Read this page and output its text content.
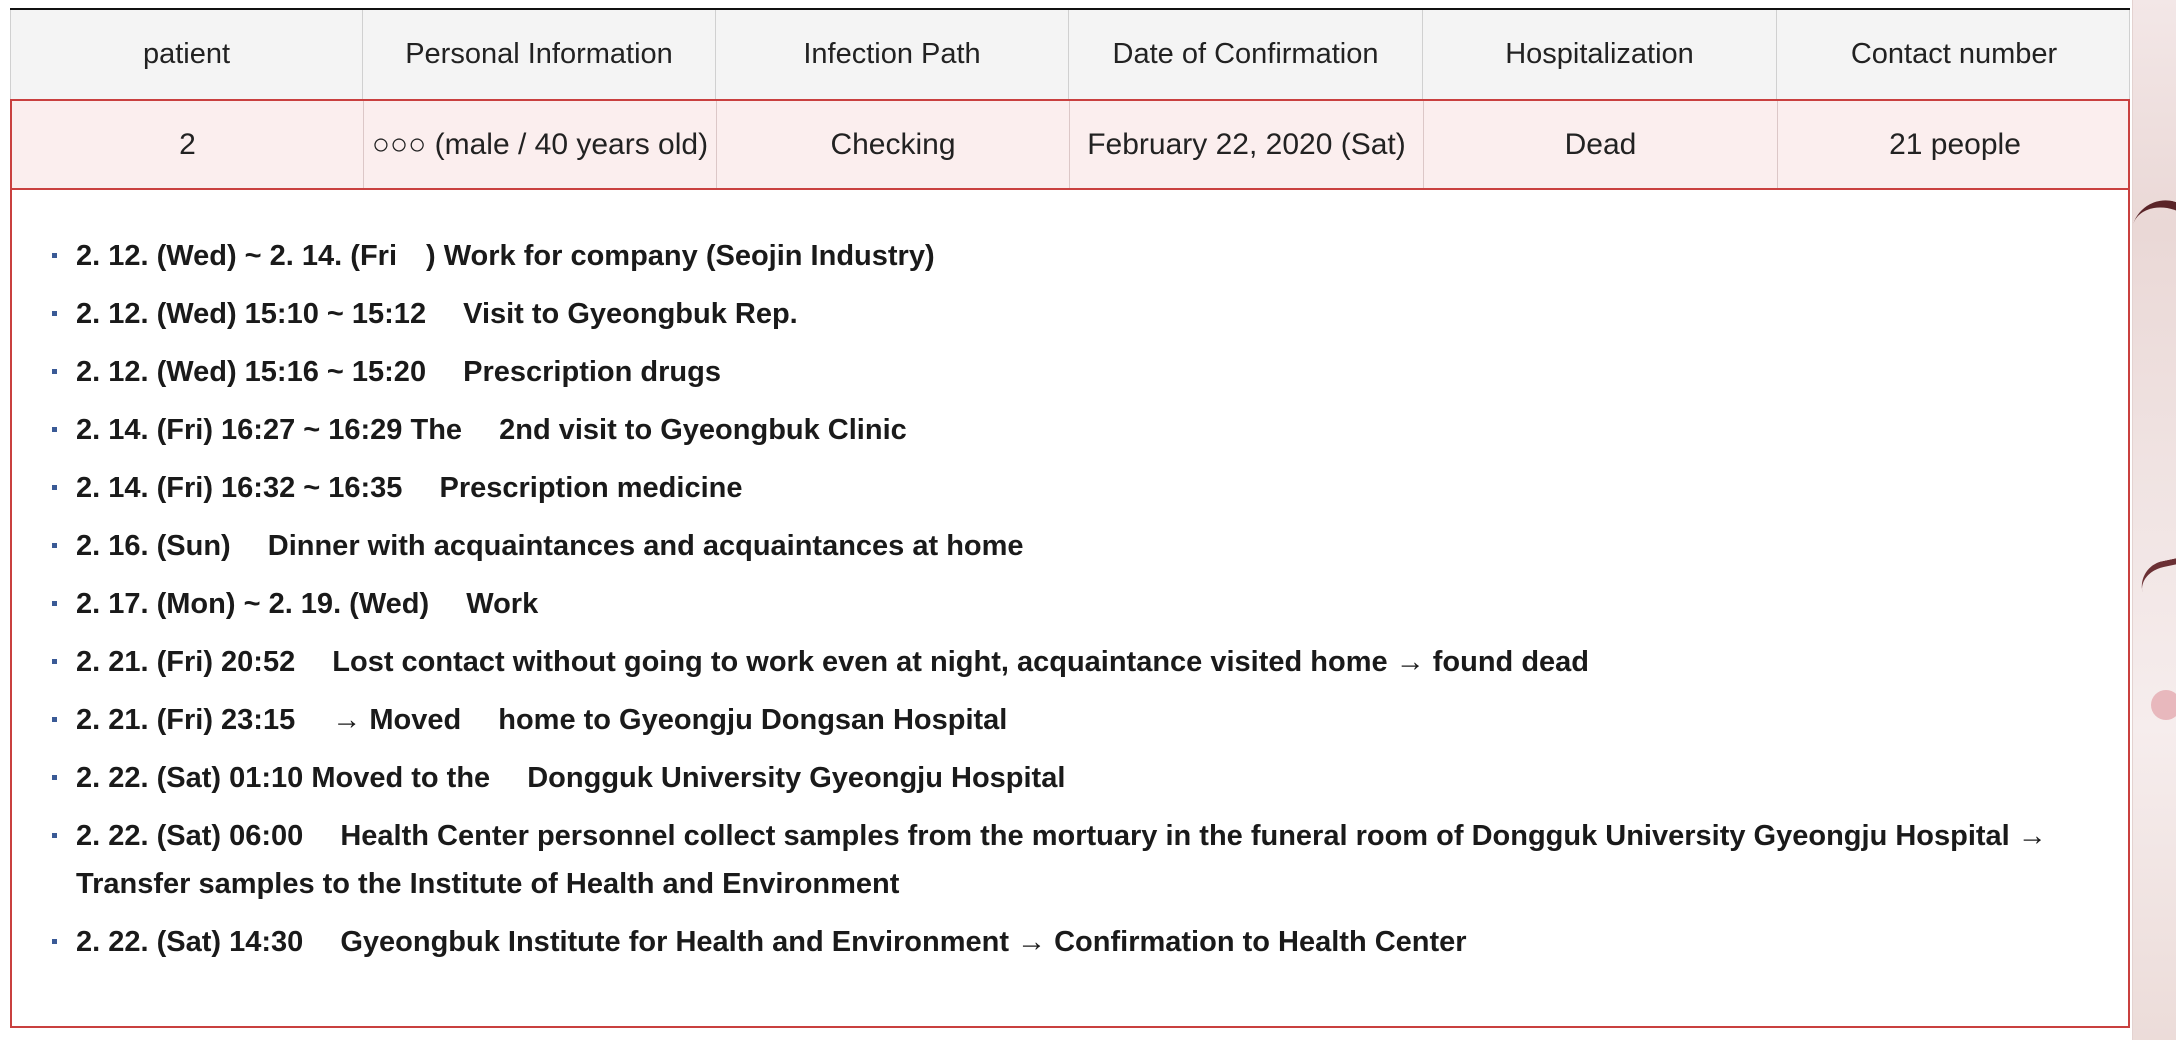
patient	Personal Information	Infection Path	Date of Confirmation	Hospitalization	Contact number
2	○○○ (male / 40 years old)	Checking	February 22, 2020 (Sat)	Dead	21 people
2. 12. (Wed) ~ 2. 14. (Fri ) Work for company (Seojin Industry)
2. 12. (Wed) 15:10 ~ 15:12  Visit to Gyeongbuk Rep.
2. 12. (Wed) 15:16 ~ 15:20  Prescription drugs
2. 14. (Fri) 16:27 ~ 16:29 The  2nd visit to Gyeongbuk Clinic
2. 14. (Fri) 16:32 ~ 16:35  Prescription medicine
2. 16. (Sun)  Dinner with acquaintances and acquaintances at home
2. 17. (Mon) ~ 2. 19. (Wed)  Work
2. 21. (Fri) 20:52  Lost contact without going to work even at night, acquaintance visited home → found dead
2. 21. (Fri) 23:15  → Moved  home to Gyeongju Dongsan Hospital
2. 22. (Sat) 01:10 Moved to the  Dongguk University Gyeongju Hospital
2. 22. (Sat) 06:00  Health Center personnel collect samples from the mortuary in the funeral room of Dongguk University Gyeongju Hospital → Transfer samples to the Institute of Health and Environment
2. 22. (Sat) 14:30  Gyeongbuk Institute for Health and Environment → Confirmation to Health Center
